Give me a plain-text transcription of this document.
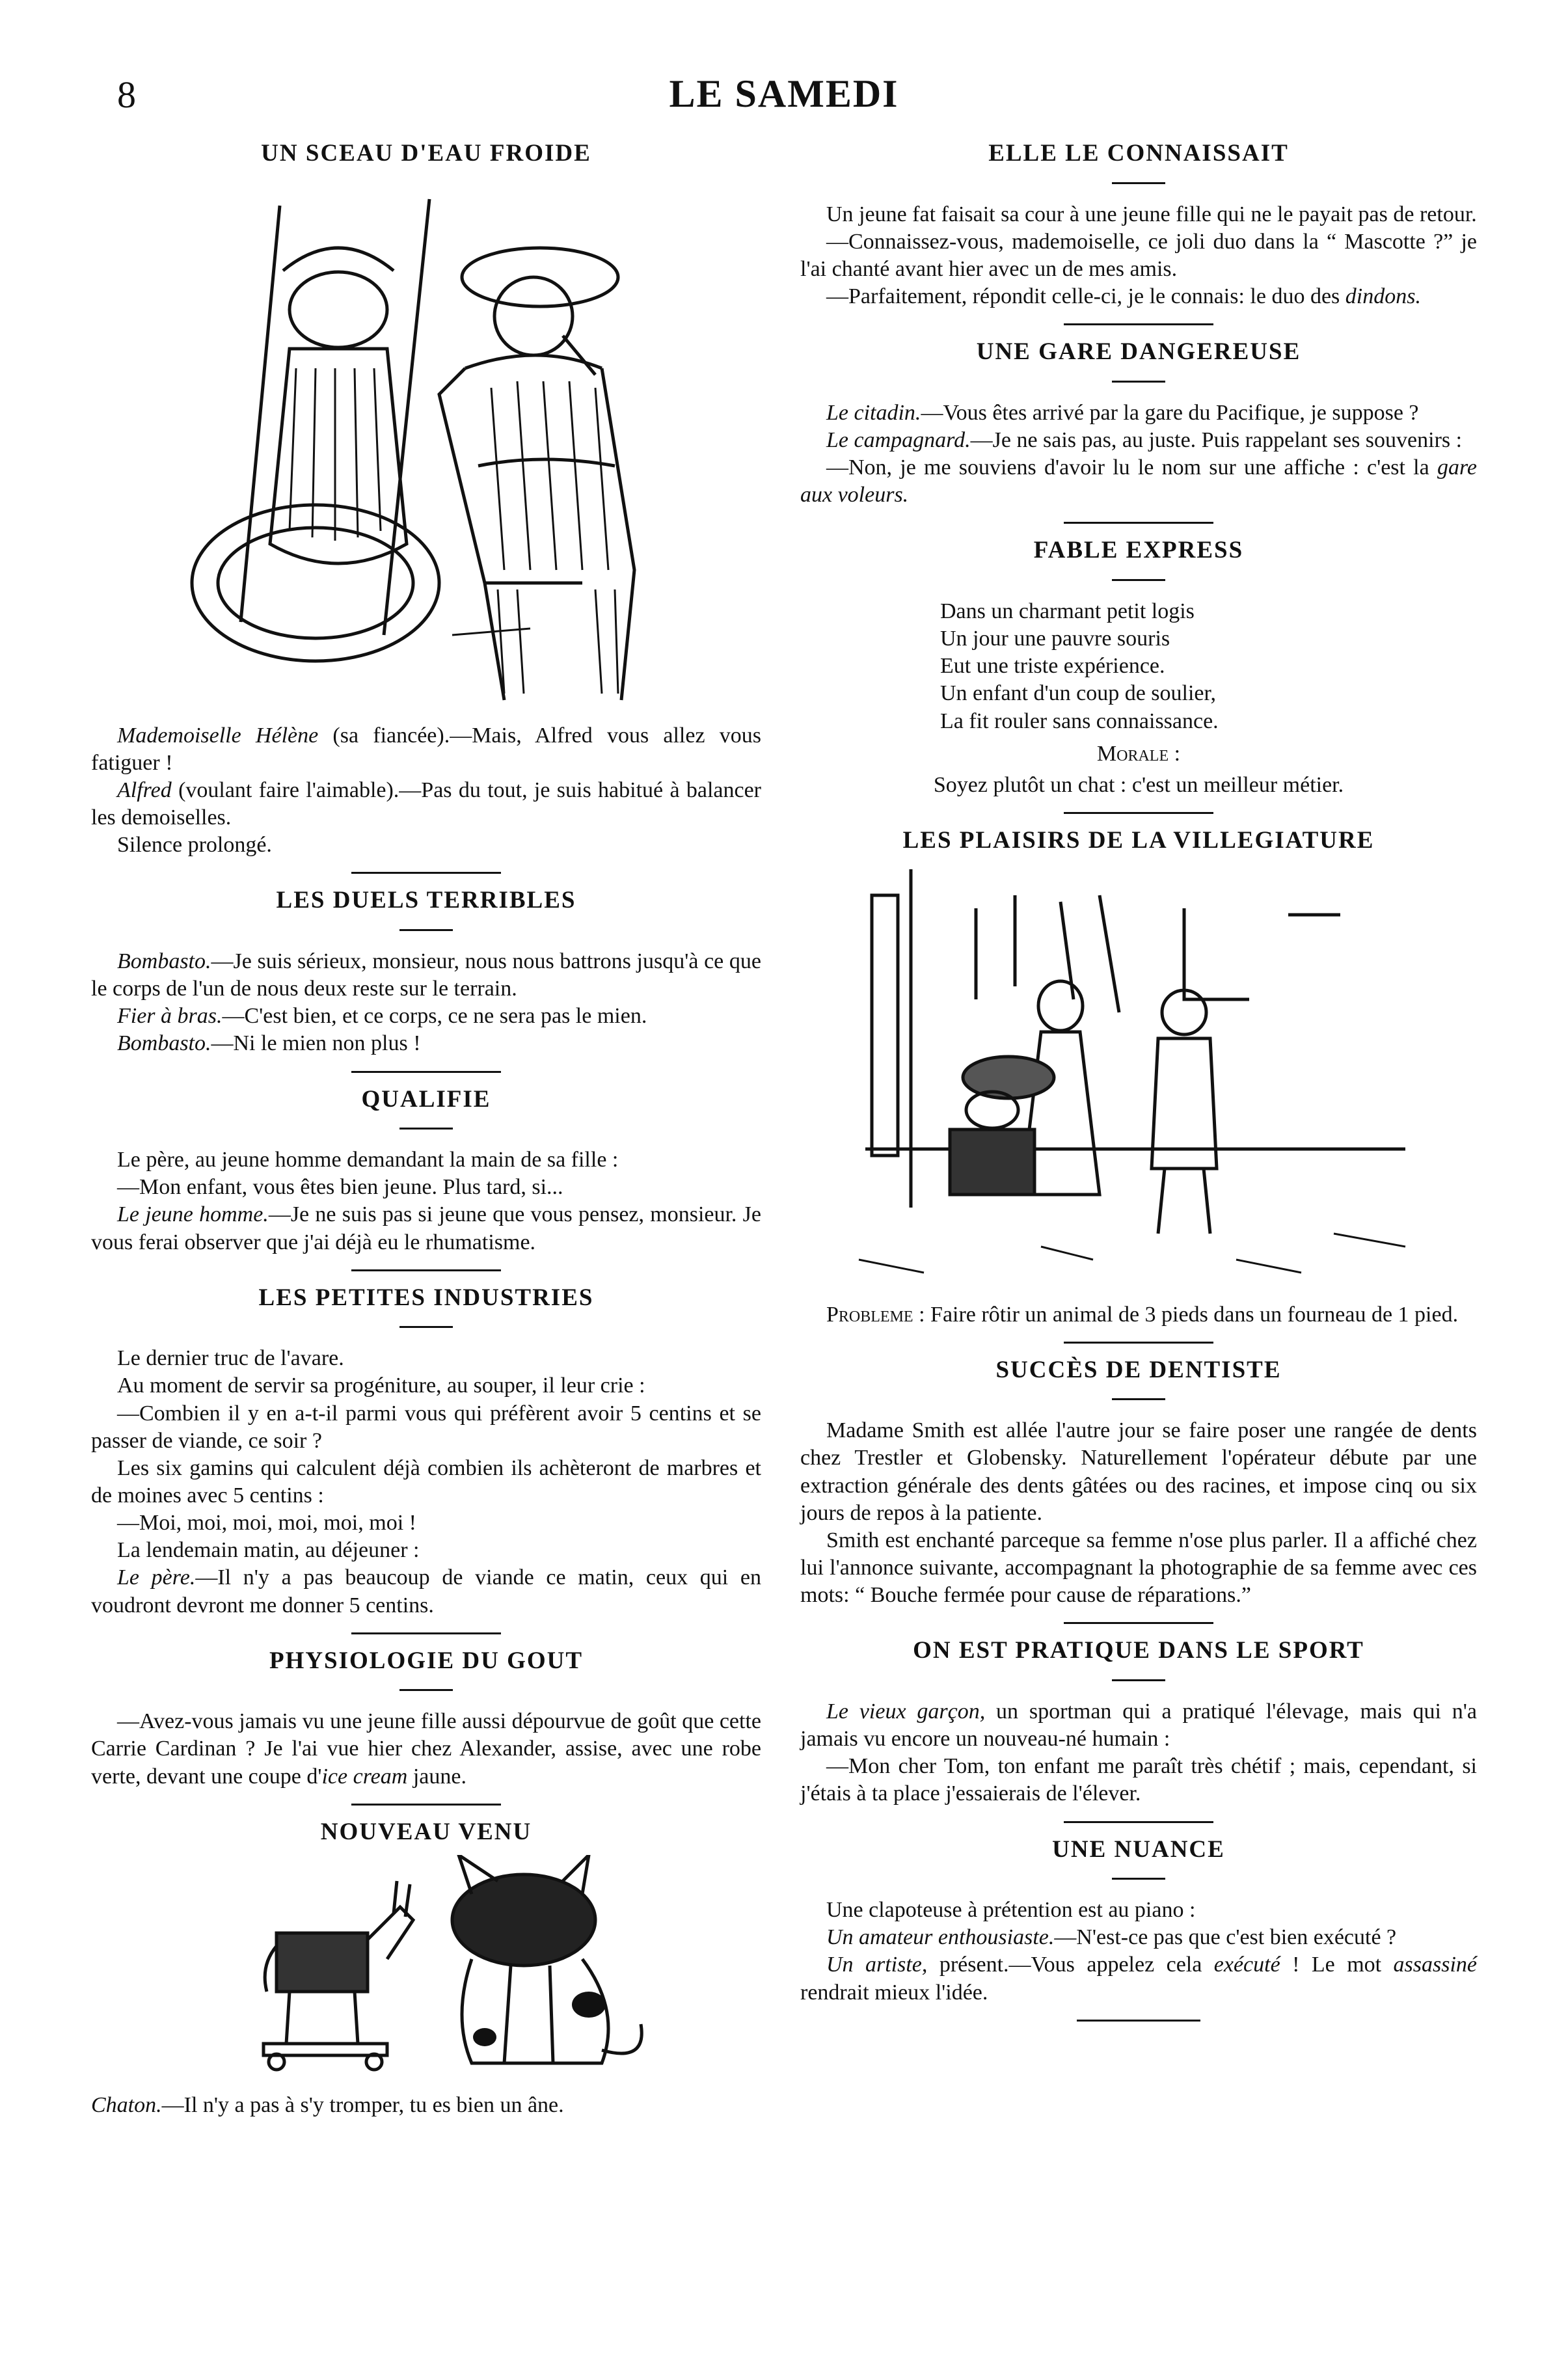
8	LE SAMEDI
UN SCEAU D'EAU FROIDE

Mademoiselle Hélène (sa fiancée).—Mais, Alfred vous allez vous fatiguer !

Alfred (voulant faire l'aimable).—Pas du tout, je suis habitué à balancer les demoiselles.

Silence prolongé.

LES DUELS TERRIBLES

Bombasto.—Je suis sérieux, monsieur, nous nous battrons jusqu'à ce que le corps de l'un de nous deux reste sur le terrain.

Fier à bras.—C'est bien, et ce corps, ce ne sera pas le mien.

Bombasto.—Ni le mien non plus !

QUALIFIE

Le père, au jeune homme demandant la main de sa fille :

—Mon enfant, vous êtes bien jeune. Plus tard, si...

Le jeune homme.—Je ne suis pas si jeune que vous pensez, monsieur. Je vous ferai observer que j'ai déjà eu le rhumatisme.

LES PETITES INDUSTRIES

Le dernier truc de l'avare.

Au moment de servir sa progéniture, au souper, il leur crie :

—Combien il y en a-t-il parmi vous qui préfèrent avoir 5 centins et se passer de viande, ce soir ?

Les six gamins qui calculent déjà combien ils achèteront de marbres et de moines avec 5 centins :

—Moi, moi, moi, moi, moi, moi !

La lendemain matin, au déjeuner :

Le père.—Il n'y a pas beaucoup de viande ce matin, ceux qui en voudront devront me donner 5 centins.

PHYSIOLOGIE DU GOUT

—Avez-vous jamais vu une jeune fille aussi dépourvue de goût que cette Carrie Cardinan ? Je l'ai vue hier chez Alexander, assise, avec une robe verte, devant une coupe d'ice cream jaune.

NOUVEAU VENU

Chaton.—Il n'y a pas à s'y tromper, tu es bien un âne.

ELLE LE CONNAISSAIT

Un jeune fat faisait sa cour à une jeune fille qui ne le payait pas de retour.

—Connaissez-vous, mademoiselle, ce joli duo dans la “ Mascotte ?” je l'ai chanté avant hier avec un de mes amis.

—Parfaitement, répondit celle-ci, je le connais: le duo des dindons.

UNE GARE DANGEREUSE

Le citadin.—Vous êtes arrivé par la gare du Pacifique, je suppose ?

Le campagnard.—Je ne sais pas, au juste. Puis rappelant ses souvenirs :

—Non, je me souviens d'avoir lu le nom sur une affiche : c'est la gare aux voleurs.

FABLE EXPRESS
Dans un charmant petit logis
Un jour une pauvre souris
Eut une triste expérience.
Un enfant d'un coup de soulier,
La fit rouler sans connaissance.

Morale :

Soyez plutôt un chat : c'est un meilleur métier.

LES PLAISIRS DE LA VILLEGIATURE

Probleme : Faire rôtir un animal de 3 pieds dans un fourneau de 1 pied.

SUCCÈS DE DENTISTE

Madame Smith est allée l'autre jour se faire poser une rangée de dents chez Trestler et Globensky. Naturellement l'opérateur débute par une extraction générale des dents gâtées ou des racines, et impose cinq ou six jours de repos à la patiente.

Smith est enchanté parceque sa femme n'ose plus parler. Il a affiché chez lui l'annonce suivante, accompagnant la photographie de sa femme avec ces mots: “ Bouche fermée pour cause de réparations.”

ON EST PRATIQUE DANS LE SPORT

Le vieux garçon, un sportman qui a pratiqué l'élevage, mais qui n'a jamais vu encore un nouveau-né humain :

—Mon cher Tom, ton enfant me paraît très chétif ; mais, cependant, si j'étais à ta place j'essaierais de l'élever.

UNE NUANCE

Une clapoteuse à prétention est au piano :

Un amateur enthousiaste.—N'est-ce pas que c'est bien exécuté ?

Un artiste, présent.—Vous appelez cela exécuté ! Le mot assassiné rendrait mieux l'idée.
